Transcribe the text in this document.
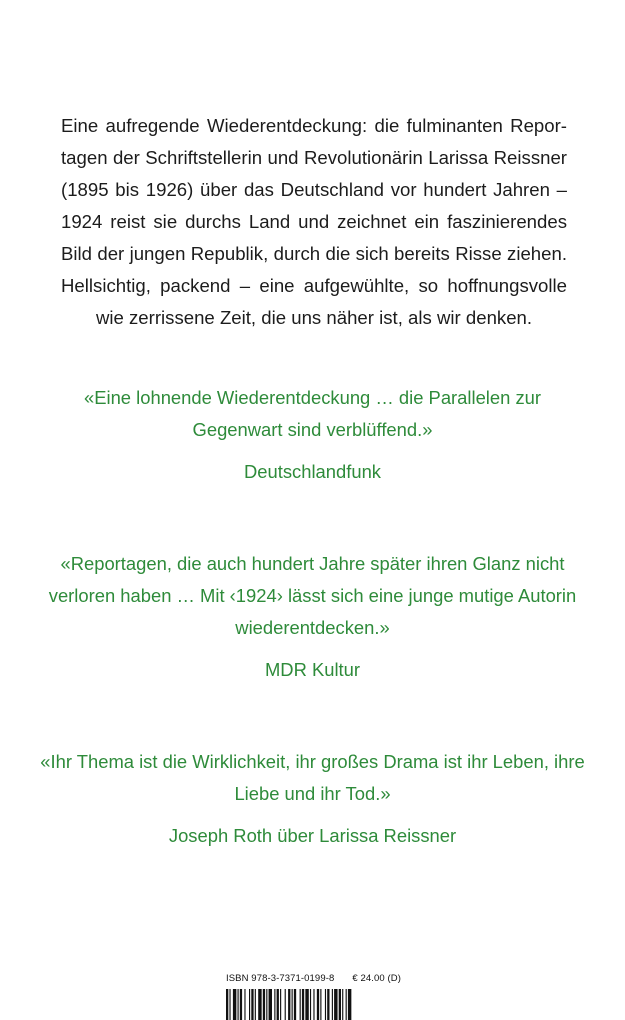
Eine aufregende Wiederentdeckung: die fulminanten Reportagen der Schriftstellerin und Revolutionärin Larissa Reissner (1895 bis 1926) über das Deutschland vor hundert Jahren – 1924 reist sie durchs Land und zeichnet ein faszinierendes Bild der jungen Republik, durch die sich bereits Risse ziehen. Hellsichtig, packend – eine aufgewühlte, so hoffnungsvolle wie zerrissene Zeit, die uns näher ist, als wir denken.

«Eine lohnende Wiederentdeckung … die Parallelen zur Gegenwart sind verblüffend.»
Deutschlandfunk
«Reportagen, die auch hundert Jahre später ihren Glanz nicht verloren haben … Mit ‹1924› lässt sich eine junge mutige Autorin wiederentdecken.»
MDR Kultur
«Ihr Thema ist die Wirklichkeit, ihr großes Drama ist ihr Leben, ihre Liebe und ihr Tod.»
Joseph Roth über Larissa Reissner
ISBN 978-3-7371-0199-8 € 24.00 (D)
